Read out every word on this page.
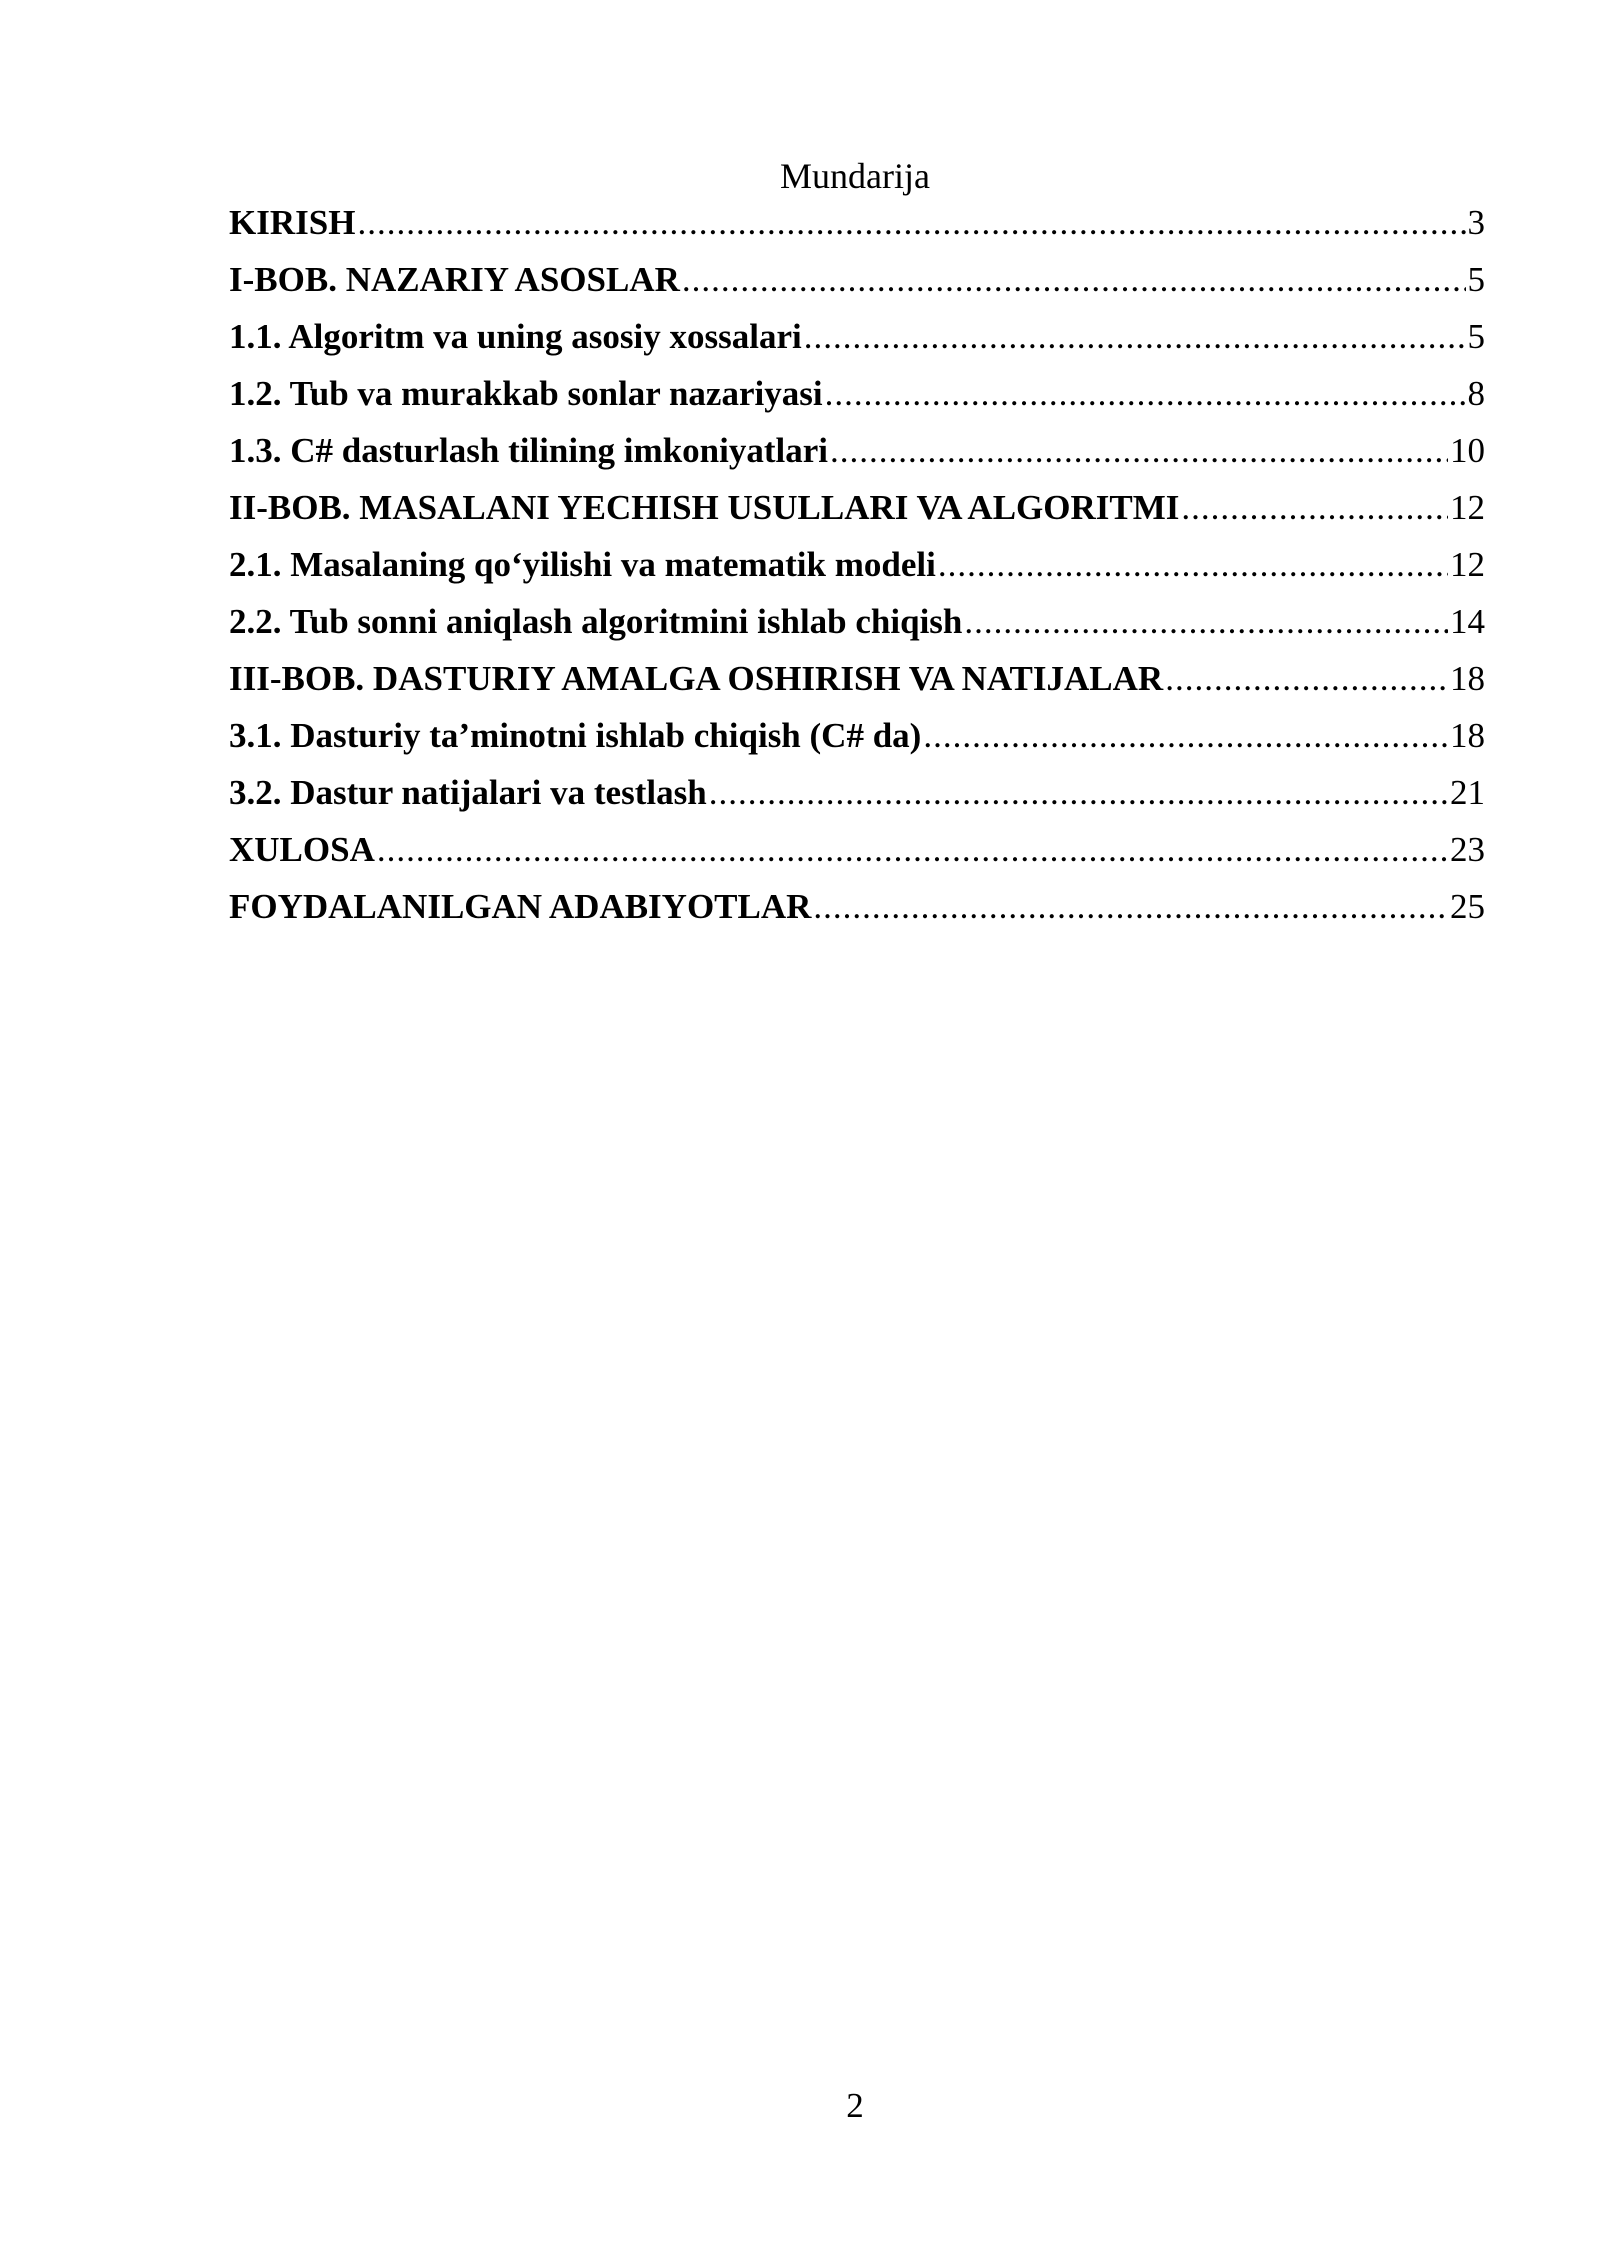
Mundarija
KIRISH .....	3
I-BOB. NAZARIY ASOSLAR .....	5
1.1. Algoritm va uning asosiy xossalari .....	5
1.2. Tub va murakkab sonlar nazariyasi .....	8
1.3. C# dasturlash tilining imkoniyatlari .....	10
II-BOB. MASALANI YECHISH USULLARI VA ALGORITMI .....	12
2.1. Masalaning qo‘yilishi va matematik modeli .....	12
2.2. Tub sonni aniqlash algoritmini ishlab chiqish .....	14
III-BOB. DASTURIY AMALGA OSHIRISH VA NATIJALAR .....	18
3.1. Dasturiy ta’minotni ishlab chiqish (C# da) .....	18
3.2. Dastur natijalari va testlash .....	21
XULOSA .....	23
FOYDALANILGAN ADABIYOTLAR .....	25
2
